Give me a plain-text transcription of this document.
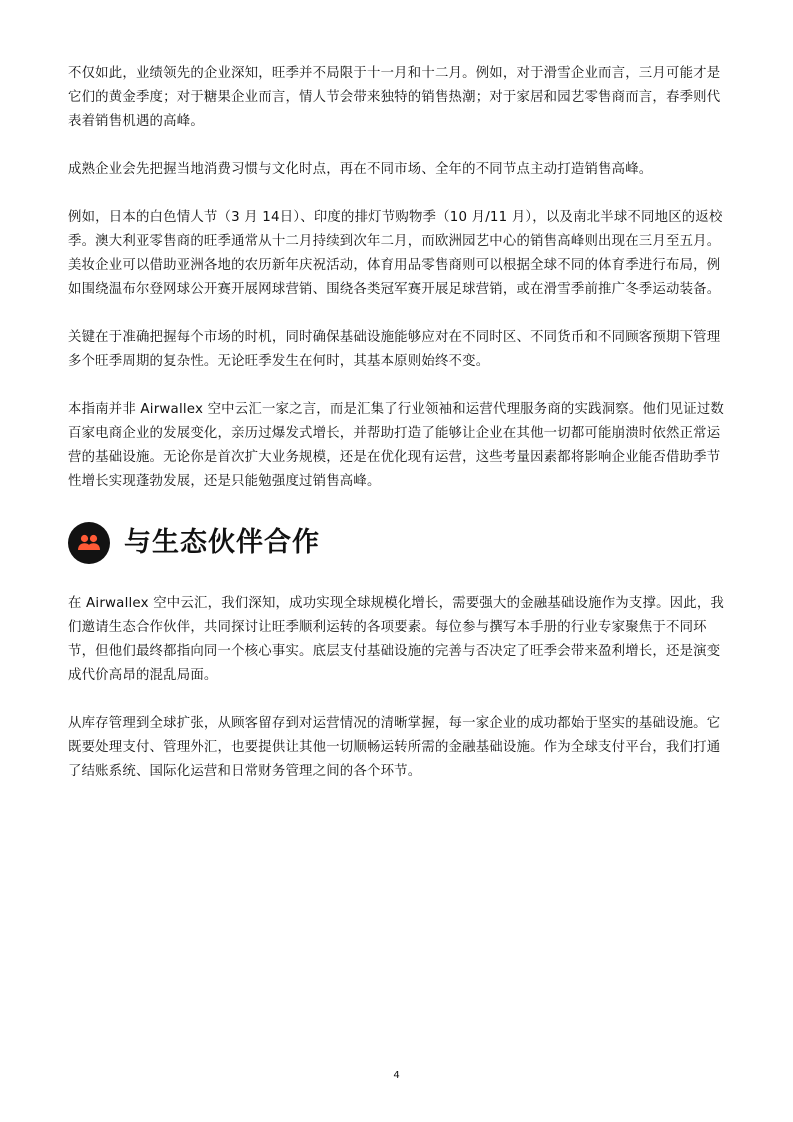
不仅如此，业绩领先的企业深知，旺季并不局限于十一月和十二月。例如，对于滑雪企业而言，三月可能才是它们的黄金季度；对于糖果企业而言，情人节会带来独特的销售热潮；对于家居和园艺零售商而言，春季则代表着销售机遇的高峰。

成熟企业会先把握当地消费习惯与文化时点，再在不同市场、全年的不同节点主动打造销售高峰。

例如，日本的白色情人节（3 月 14日）、印度的排灯节购物季（10 月/11 月），以及南北半球不同地区的返校季。澳大利亚零售商的旺季通常从十二月持续到次年二月，而欧洲园艺中心的销售高峰则出现在三月至五月。美妆企业可以借助亚洲各地的农历新年庆祝活动，体育用品零售商则可以根据全球不同的体育季进行布局，例如围绕温布尔登网球公开赛开展网球营销、围绕各类冠军赛开展足球营销，或在滑雪季前推广冬季运动装备。

关键在于准确把握每个市场的时机，同时确保基础设施能够应对在不同时区、不同货币和不同顾客预期下管理多个旺季周期的复杂性。无论旺季发生在何时，其基本原则始终不变。

本指南并非 Airwallex 空中云汇一家之言，而是汇集了行业领袖和运营代理服务商的实践洞察。他们见证过数百家电商企业的发展变化，亲历过爆发式增长，并帮助打造了能够让企业在其他一切都可能崩溃时依然正常运营的基础设施。无论你是首次扩大业务规模，还是在优化现有运营，这些考量因素都将影响企业能否借助季节性增长实现蓬勃发展，还是只能勉强度过销售高峰。

与生态伙伴合作

在 Airwallex 空中云汇，我们深知，成功实现全球规模化增长，需要强大的金融基础设施作为支撑。因此，我们邀请生态合作伙伴，共同探讨让旺季顺利运转的各项要素。每位参与撰写本手册的行业专家聚焦于不同环节，但他们最终都指向同一个核心事实。底层支付基础设施的完善与否决定了旺季会带来盈利增长，还是演变成代价高昂的混乱局面。

从库存管理到全球扩张，从顾客留存到对运营情况的清晰掌握，每一家企业的成功都始于坚实的基础设施。它既要处理支付、管理外汇，也要提供让其他一切顺畅运转所需的金融基础设施。作为全球支付平台，我们打通了结账系统、国际化运营和日常财务管理之间的各个环节。

4
